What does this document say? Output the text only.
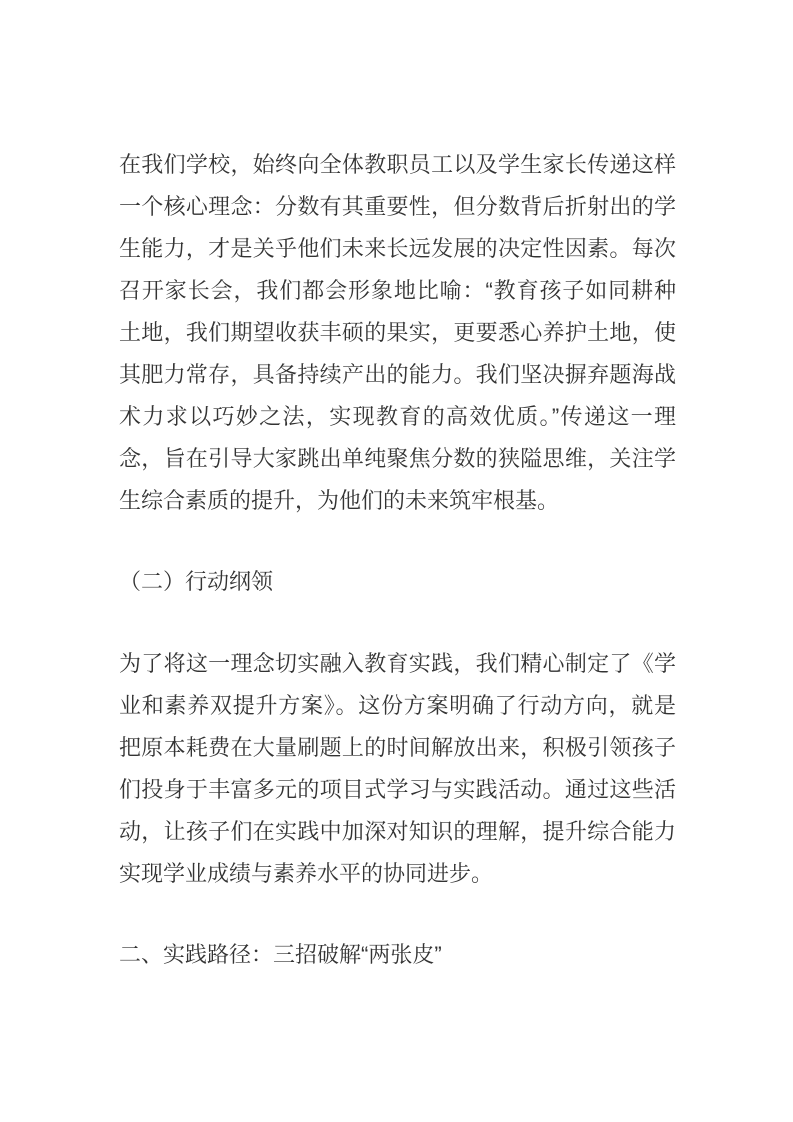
在我们学校，始终向全体教职员工以及学生家长传递这样一个核心理念：分数有其重要性，但分数背后折射出的学生能力，才是关乎他们未来长远发展的决定性因素。每次召开家长会，我们都会形象地比喻：“教育孩子如同耕种土地，我们期望收获丰硕的果实，更要悉心养护土地，使其肥力常存，具备持续产出的能力。我们坚决摒弃题海战术力求以巧妙之法，实现教育的高效优质。”传递这一理念，旨在引导大家跳出单纯聚焦分数的狭隘思维，关注学生综合素质的提升，为他们的未来筑牢根基。

（二）行动纲领

为了将这一理念切实融入教育实践，我们精心制定了《学业和素养双提升方案》。这份方案明确了行动方向，就是把原本耗费在大量刷题上的时间解放出来，积极引领孩子们投身于丰富多元的项目式学习与实践活动。通过这些活动，让孩子们在实践中加深对知识的理解，提升综合能力实现学业成绩与素养水平的协同进步。

二、实践路径：三招破解“两张皮”
